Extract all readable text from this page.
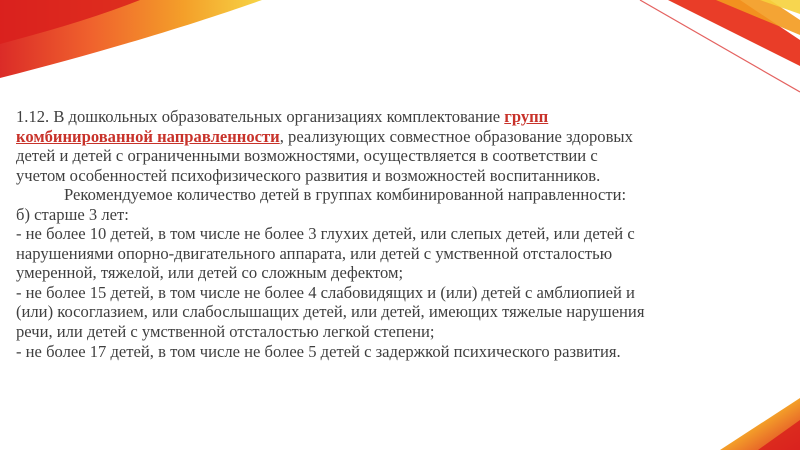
1.12. В дошкольных образовательных организациях комплектование групп
комбинированной направленности, реализующих совместное образование здоровых
детей и детей с ограниченными возможностями, осуществляется в соответствии с
учетом особенностей психофизического развития и возможностей воспитанников.

Рекомендуемое количество детей в группах комбинированной направленности:

б) старше 3 лет:

- не более 10 детей, в том числе не более 3 глухих детей, или слепых детей, или детей с
нарушениями опорно-двигательного аппарата, или детей с умственной отсталостью
умеренной, тяжелой, или детей со сложным дефектом;

- не более 15 детей, в том числе не более 4 слабовидящих и (или) детей с амблиопией и
(или) косоглазием, или слабослышащих детей, или детей, имеющих тяжелые нарушения
речи, или детей с умственной отсталостью легкой степени;

- не более 17 детей, в том числе не более 5 детей с задержкой психического развития.
